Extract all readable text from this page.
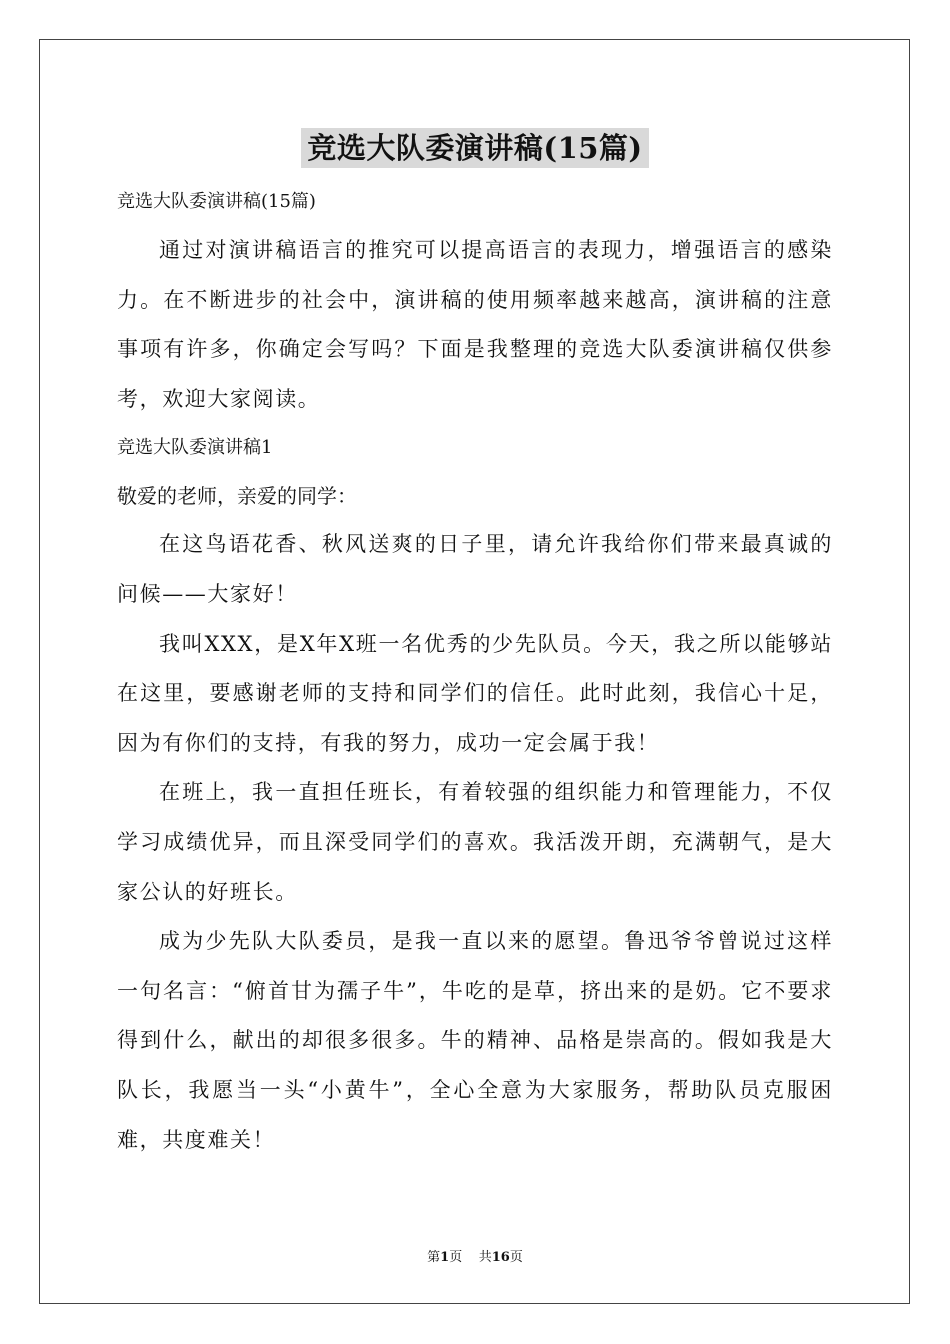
竞选大队委演讲稿(15篇)

竞选大队委演讲稿(15篇)

通过对演讲稿语言的推究可以提高语言的表现力，增强语言的感染力。在不断进步的社会中，演讲稿的使用频率越来越高，演讲稿的注意事项有许多，你确定会写吗？下面是我整理的竞选大队委演讲稿仅供参考，欢迎大家阅读。

竞选大队委演讲稿1

敬爱的老师，亲爱的同学：

在这鸟语花香、秋风送爽的日子里，请允许我给你们带来最真诚的问候——大家好！

我叫XXX，是X年X班一名优秀的少先队员。今天，我之所以能够站在这里，要感谢老师的支持和同学们的信任。此时此刻，我信心十足，因为有你们的支持，有我的努力，成功一定会属于我！

在班上，我一直担任班长，有着较强的组织能力和管理能力，不仅学习成绩优异，而且深受同学们的喜欢。我活泼开朗，充满朝气，是大家公认的好班长。

成为少先队大队委员，是我一直以来的愿望。鲁迅爷爷曾说过这样一句名言：“俯首甘为孺子牛”，牛吃的是草，挤出来的是奶。它不要求得到什么，献出的却很多很多。牛的精神、品格是崇高的。假如我是大队长，我愿当一头“小黄牛”，全心全意为大家服务，帮助队员克服困难，共度难关！

第1页 共16页
